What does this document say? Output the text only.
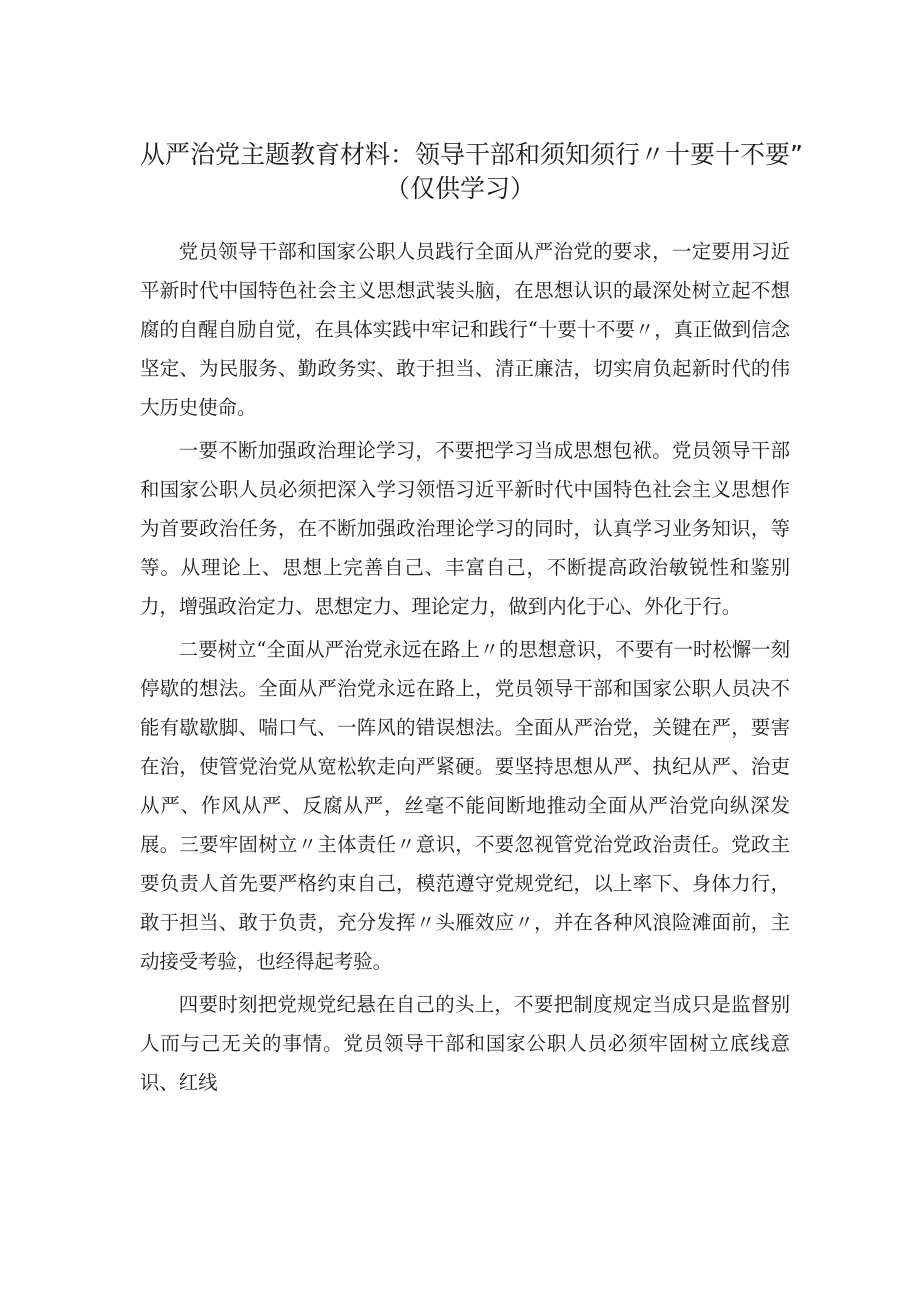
从严治党主题教育材料：领导干部和须知须行〃十要十不要”
（仅供学习）

党员领导干部和国家公职人员践行全面从严治党的要求，一定要用习近平新时代中国特色社会主义思想武装头脑，在思想认识的最深处树立起不想腐的自醒自励自觉，在具体实践中牢记和践行“十要十不要〃，真正做到信念坚定、为民服务、勤政务实、敢于担当、清正廉洁，切实肩负起新时代的伟大历史使命。

一要不断加强政治理论学习，不要把学习当成思想包袱。党员领导干部和国家公职人员必须把深入学习领悟习近平新时代中国特色社会主义思想作为首要政治任务，在不断加强政治理论学习的同时，认真学习业务知识，等等。从理论上、思想上完善自己、丰富自己，不断提高政治敏锐性和鉴别力，增强政治定力、思想定力、理论定力，做到内化于心、外化于行。

二要树立“全面从严治党永远在路上〃的思想意识，不要有一时松懈一刻停歇的想法。全面从严治党永远在路上，党员领导干部和国家公职人员决不能有歇歇脚、喘口气、一阵风的错误想法。全面从严治党，关键在严，要害在治，使管党治党从宽松软走向严紧硬。要坚持思想从严、执纪从严、治吏从严、作风从严、反腐从严，丝毫不能间断地推动全面从严治党向纵深发展。三要牢固树立〃主体责任〃意识，不要忽视管党治党政治责任。党政主要负责人首先要严格约束自己，模范遵守党规党纪，以上率下、身体力行，敢于担当、敢于负责，充分发挥〃头雁效应〃，并在各种风浪险滩面前，主动接受考验，也经得起考验。

四要时刻把党规党纪悬在自己的头上，不要把制度规定当成只是监督别人而与己无关的事情。党员领导干部和国家公职人员必须牢固树立底线意识、红线
